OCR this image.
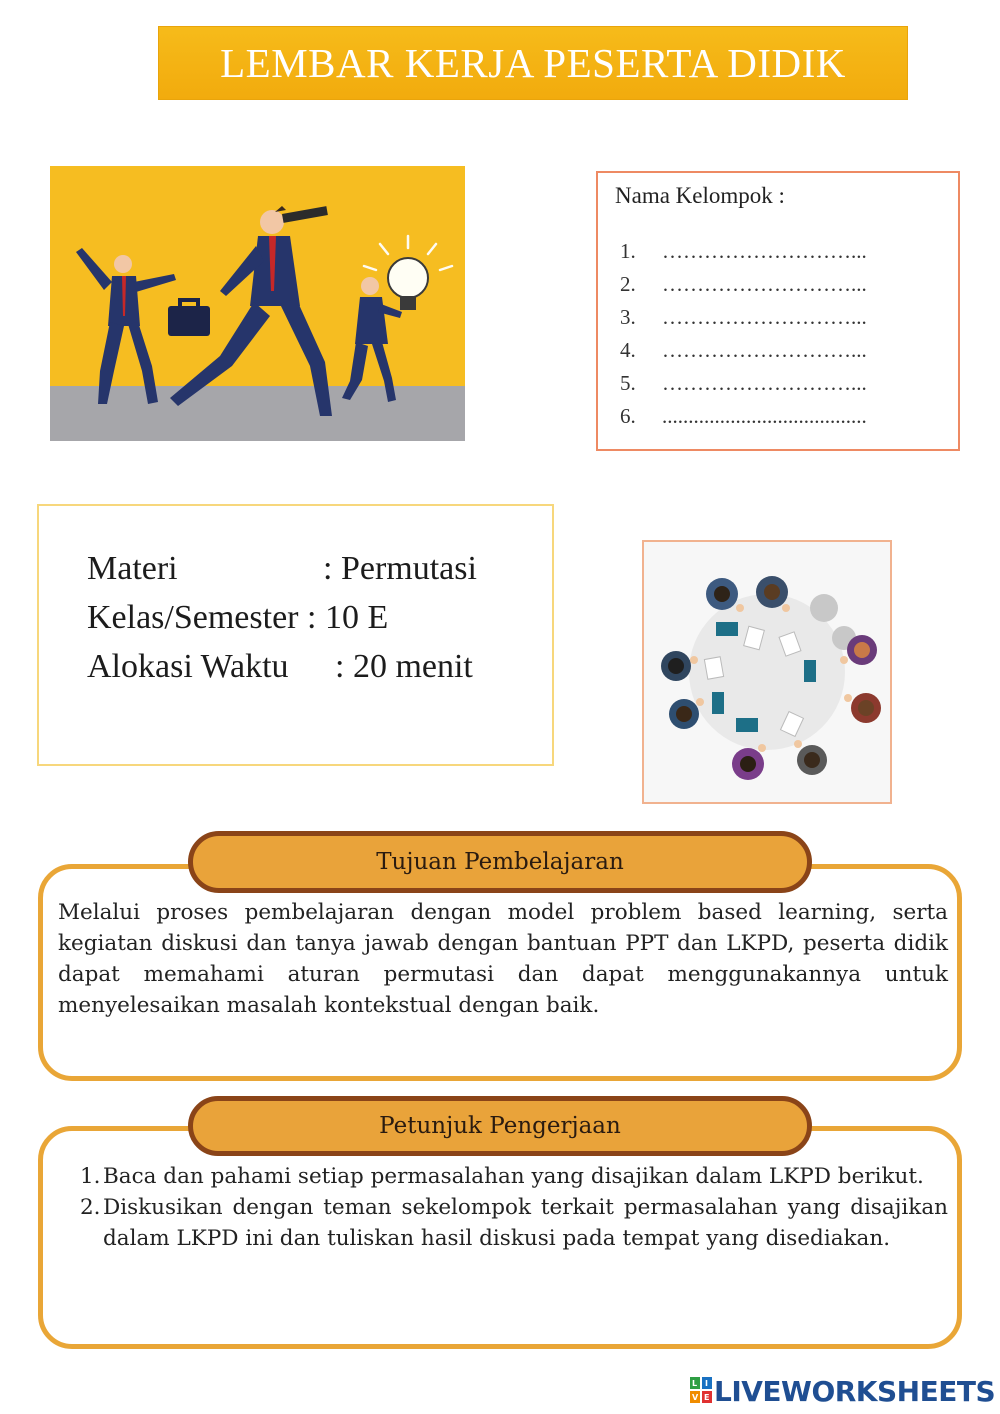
LEMBAR KERJA PESERTA DIDIK
Nama Kelompok :
1. ………………………...
2. ………………………...
3. ………………………...
4. ………………………...
5. ………………………...
6. .......................................
Materi	: Permutasi
Kelas/Semester : 10 E
Alokasi Waktu : 20 menit
Melalui proses pembelajaran dengan model problem based learning, serta kegiatan diskusi dan tanya jawab dengan bantuan PPT dan LKPD, peserta didik dapat memahami aturan permutasi dan dapat menggunakannya untuk menyelesaikan masalah kontekstual dengan baik.
Tujuan Pembelajaran
1. Baca dan pahami setiap permasalahan yang disajikan dalam LKPD berikut.
2. Diskusikan dengan teman sekelompok terkait permasalahan yang disajikan dalam LKPD ini dan tuliskan hasil diskusi pada tempat yang disediakan.
Petunjuk Pengerjaan
L I
V E LIVEWORKSHEETS
